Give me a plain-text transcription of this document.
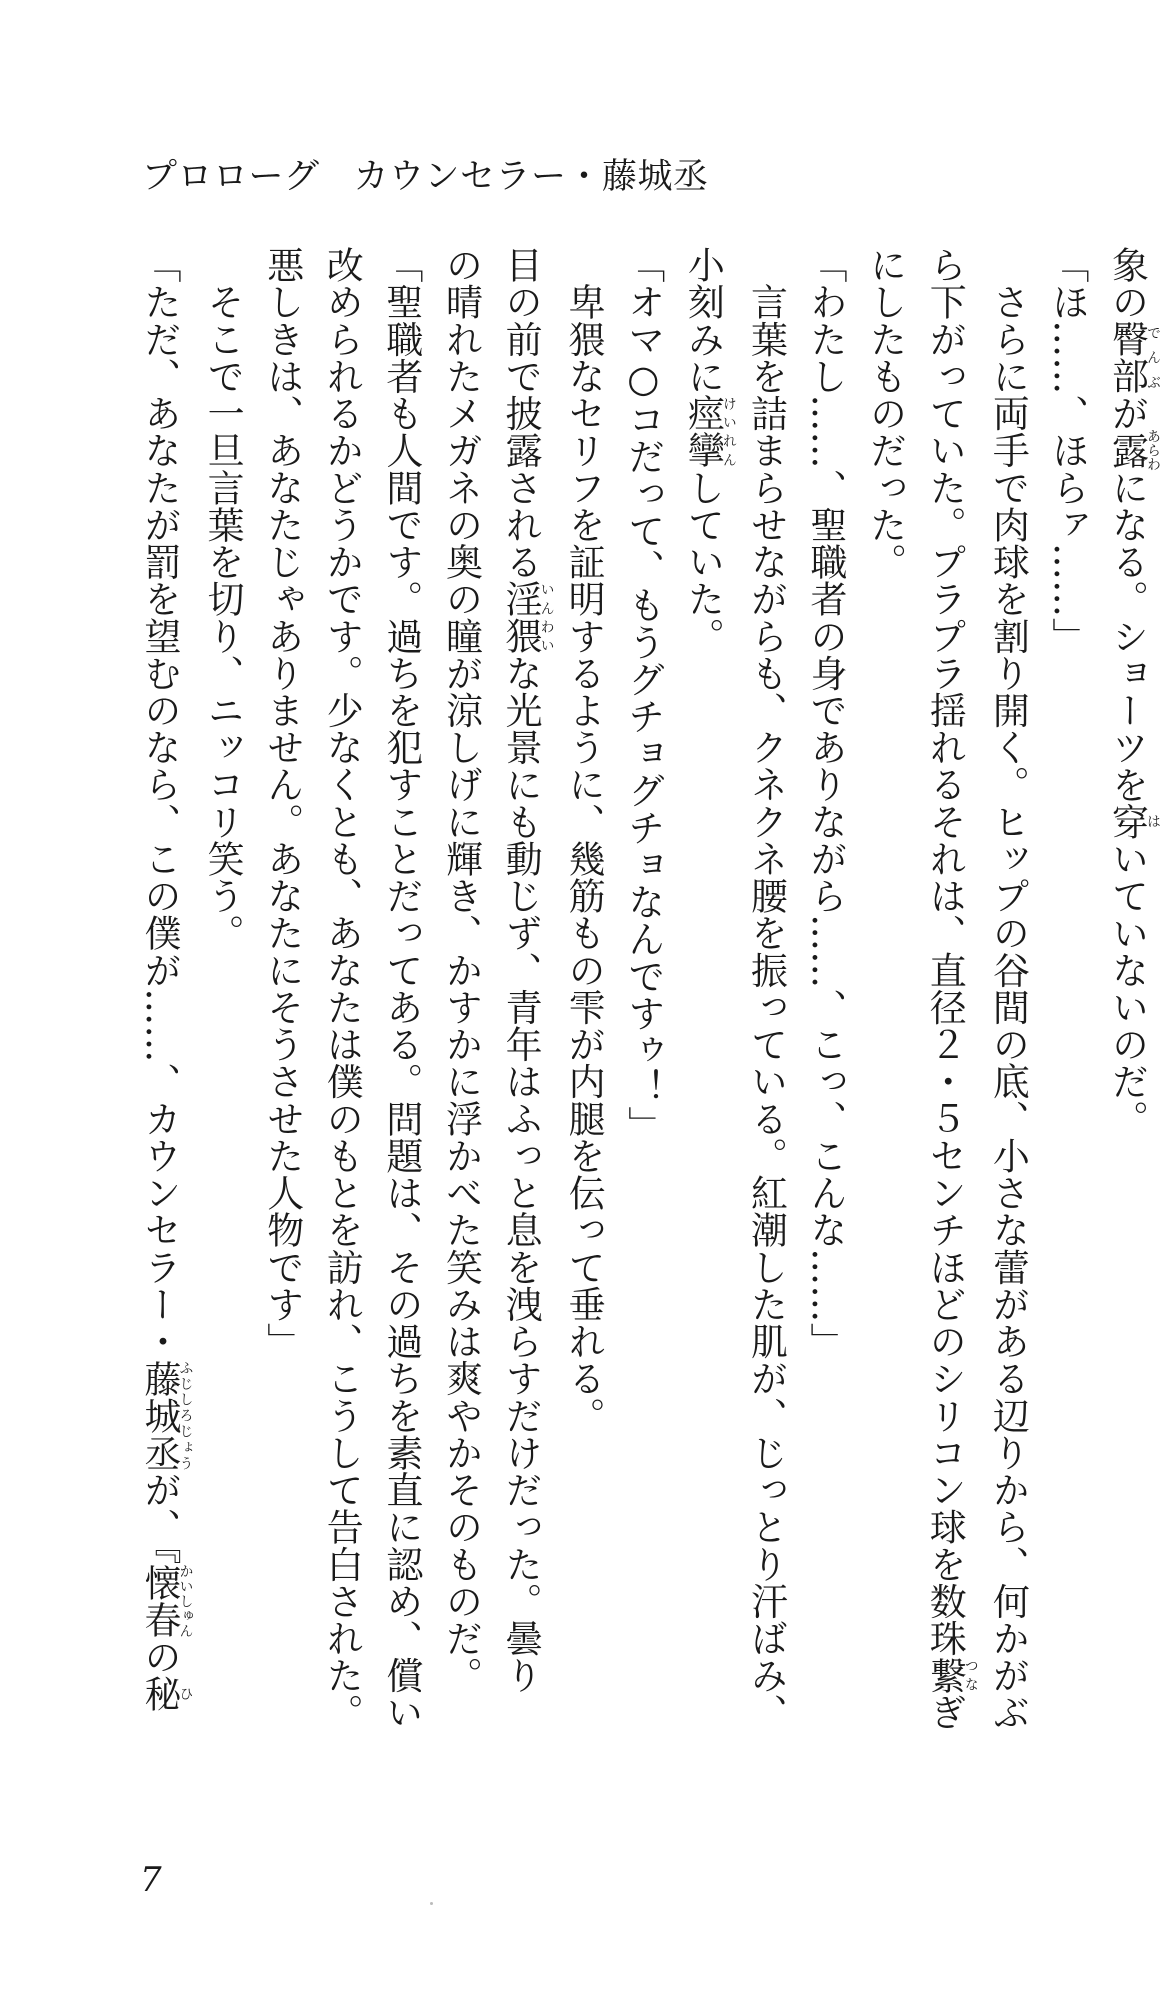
プロローグ カウンセラー・藤城丞
象の臀部でんぶが露あらわになる。ショーツを穿はいていないのだ。
「ほ……、ほらァ……」
　さらに両手で肉球を割り開く。ヒップの谷間の底、小さな蕾がある辺りから、何かがぶ
ら下がっていた。プラプラ揺れるそれは、直径２・５センチほどのシリコン球を数珠繋つなぎ
にしたものだった。
「わたし……、聖職者の身でありながら……、こっ、こんな……」
　言葉を詰まらせながらも、クネクネ腰を振っている。紅潮した肌が、じっとり汗ばみ、
小刻みに痙攣けいれんしていた。
「オマ○コだって、もうグチョグチョなんですゥ！」
　卑猥なセリフを証明するように、幾筋もの雫が内腿を伝って垂れる。
目の前で披露される淫猥いんわいな光景にも動じず、青年はふっと息を洩らすだけだった。曇り
の晴れたメガネの奥の瞳が涼しげに輝き、かすかに浮かべた笑みは爽やかそのものだ。
「聖職者も人間です。過ちを犯すことだってある。問題は、その過ちを素直に認め、償い
改められるかどうかです。少なくとも、あなたは僕のもとを訪れ、こうして告白された。
悪しきは、あなたじゃありません。あなたにそうさせた人物です」
　そこで一旦言葉を切り、ニッコリ笑う。
「ただ、あなたが罰を望むのなら、この僕が……、カウンセラー・藤城丞ふじしろじょうが、『懐春かいしゅんの秘ひ
7
